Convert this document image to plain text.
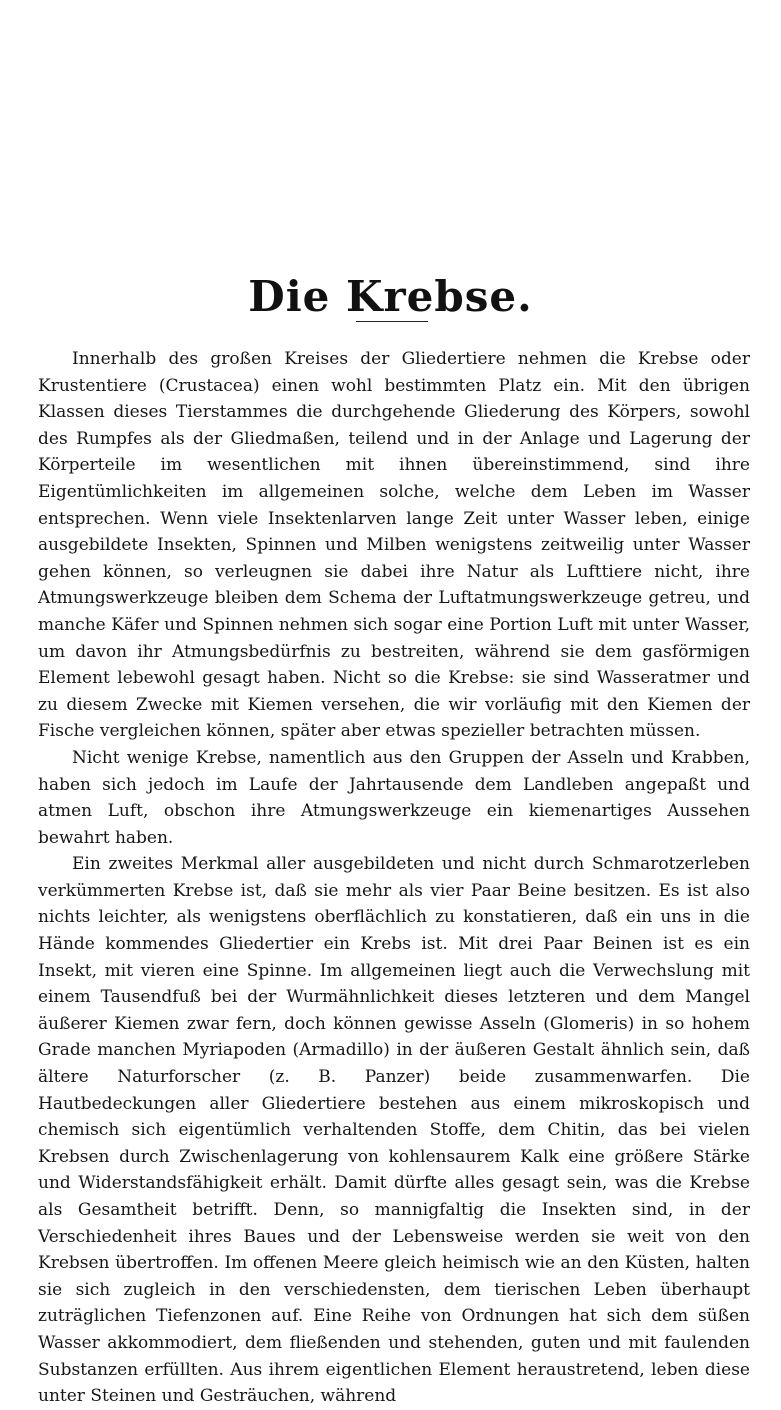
Die Krebse.

Innerhalb des großen Kreises der Gliedertiere nehmen die Krebse oder Krustentiere (Crustacea) einen wohl bestimmten Platz ein. Mit den übrigen Klassen dieses Tierstammes die durchgehende Gliederung des Körpers, sowohl des Rumpfes als der Gliedmaßen, teilend und in der Anlage und Lagerung der Körperteile im wesentlichen mit ihnen übereinstimmend, sind ihre Eigentümlichkeiten im allgemeinen solche, welche dem Leben im Wasser entsprechen. Wenn viele Insektenlarven lange Zeit unter Wasser leben, einige ausgebildete Insekten, Spinnen und Milben wenigstens zeitweilig unter Wasser gehen können, so verleugnen sie dabei ihre Natur als Lufttiere nicht, ihre Atmungswerkzeuge bleiben dem Schema der Luftatmungswerkzeuge getreu, und manche Käfer und Spinnen nehmen sich sogar eine Portion Luft mit unter Wasser, um davon ihr Atmungsbedürfnis zu bestreiten, während sie dem gasförmigen Element lebewohl gesagt haben. Nicht so die Krebse: sie sind Wasseratmer und zu diesem Zwecke mit Kiemen versehen, die wir vorläufig mit den Kiemen der Fische vergleichen können, später aber etwas spezieller betrachten müssen.

Nicht wenige Krebse, namentlich aus den Gruppen der Asseln und Krabben, haben sich jedoch im Laufe der Jahrtausende dem Landleben angepaßt und atmen Luft, obschon ihre Atmungswerkzeuge ein kiemenartiges Aussehen bewahrt haben.

Ein zweites Merkmal aller ausgebildeten und nicht durch Schmarotzerleben verkümmerten Krebse ist, daß sie mehr als vier Paar Beine besitzen. Es ist also nichts leichter, als wenigstens oberflächlich zu konstatieren, daß ein uns in die Hände kommendes Gliedertier ein Krebs ist. Mit drei Paar Beinen ist es ein Insekt, mit vieren eine Spinne. Im allgemeinen liegt auch die Verwechslung mit einem Tausendfuß bei der Wurmähnlichkeit dieses letzteren und dem Mangel äußerer Kiemen zwar fern, doch können gewisse Asseln (Glomeris) in so hohem Grade manchen Myriapoden (Armadillo) in der äußeren Gestalt ähnlich sein, daß ältere Naturforscher (z. B. Panzer) beide zusammenwarfen. Die Hautbedeckungen aller Gliedertiere bestehen aus einem mikroskopisch und chemisch sich eigentümlich verhaltenden Stoffe, dem Chitin, das bei vielen Krebsen durch Zwischenlagerung von kohlensaurem Kalk eine größere Stärke und Widerstandsfähigkeit erhält. Damit dürfte alles gesagt sein, was die Krebse als Gesamtheit betrifft. Denn, so mannigfaltig die Insekten sind, in der Verschiedenheit ihres Baues und der Lebensweise werden sie weit von den Krebsen übertroffen. Im offenen Meere gleich heimisch wie an den Küsten, halten sie sich zugleich in den verschiedensten, dem tierischen Leben überhaupt zuträglichen Tiefenzonen auf. Eine Reihe von Ordnungen hat sich dem süßen Wasser akkommodiert, dem fließenden und stehenden, guten und mit faulenden Substanzen erfüllten. Aus ihrem eigentlichen Element heraustretend, leben diese unter Steinen und Gesträuchen, während
